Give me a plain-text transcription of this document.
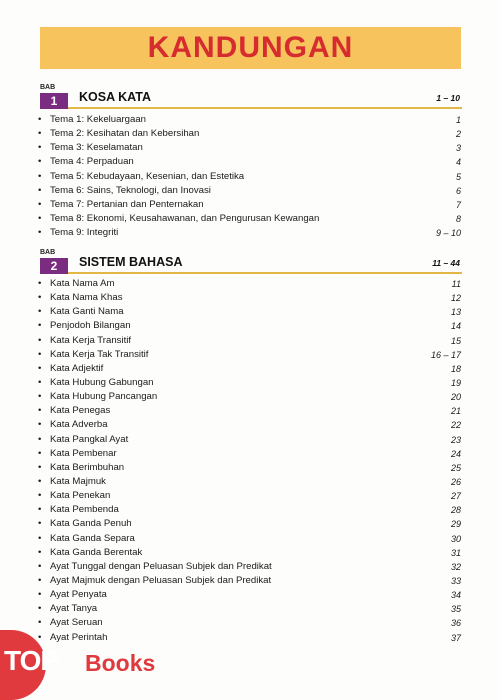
KANDUNGAN
BAB
1	KOSA KATA	1 – 10
• Tema 1: Kekeluargaan	1
• Tema 2: Kesihatan dan Kebersihan	2
• Tema 3: Keselamatan	3
• Tema 4: Perpaduan	4
• Tema 5: Kebudayaan, Kesenian, dan Estetika	5
• Tema 6: Sains, Teknologi, dan Inovasi	6
• Tema 7: Pertanian dan Penternakan	7
• Tema 8: Ekonomi, Keusahawanan, dan Pengurusan Kewangan	8
• Tema 9: Integriti	9 – 10
BAB
2	SISTEM BAHASA	11 – 44
• Kata Nama Am	11
• Kata Nama Khas	12
• Kata Ganti Nama	13
• Penjodoh Bilangan	14
• Kata Kerja Transitif	15
• Kata Kerja Tak Transitif	16 – 17
• Kata Adjektif	18
• Kata Hubung Gabungan	19
• Kata Hubung Pancangan	20
• Kata Penegas	21
• Kata Adverba	22
• Kata Pangkal Ayat	23
• Kata Pembenar	24
• Kata Berimbuhan	25
• Kata Majmuk	26
• Kata Penekan	27
• Kata Pembenda	28
• Kata Ganda Penuh	29
• Kata Ganda Separa	30
• Kata Ganda Berentak	31
• Ayat Tunggal dengan Peluasan Subjek dan Predikat	32
• Ayat Majmuk dengan Peluasan Subjek dan Predikat	33
• Ayat Penyata	34
• Ayat Tanya	35
• Ayat Seruan	36
• Ayat Perintah	37
TOP Books
